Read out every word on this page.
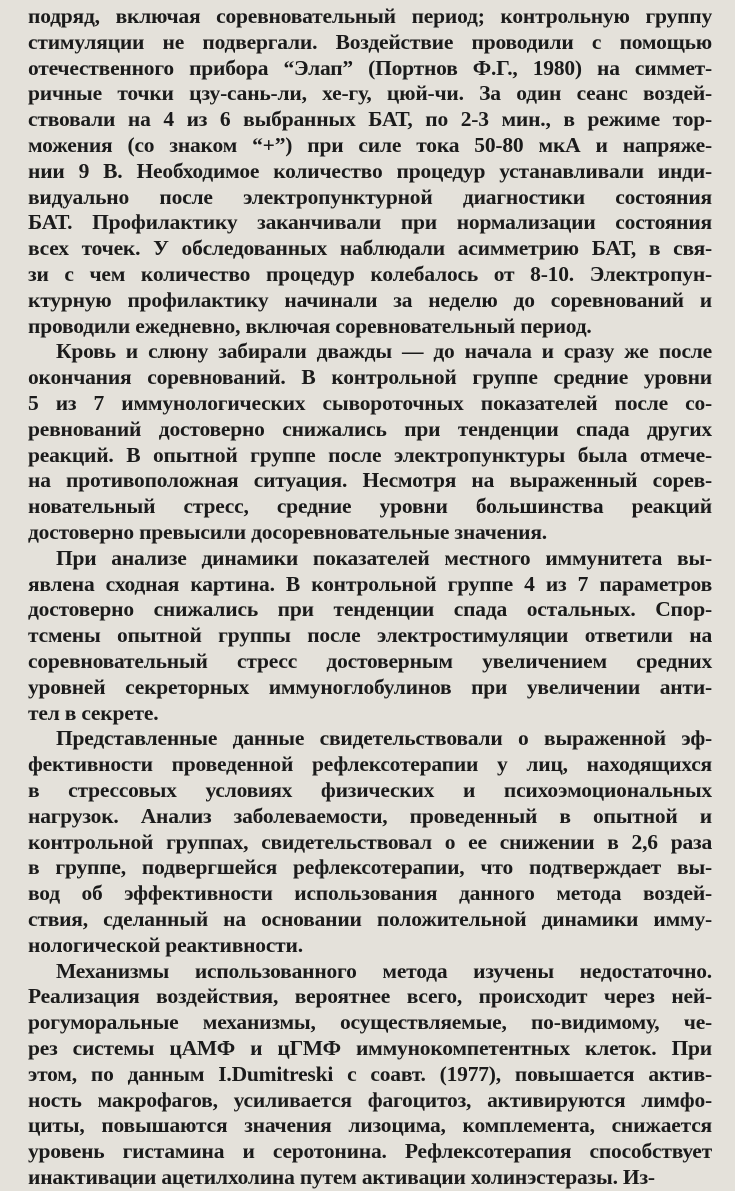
подряд, включая соревновательный период; контрольную группу
стимуляции не подвергали. Воздействие проводили с помощью
отечественного прибора “Элап” (Портнов Ф.Г., 1980) на симмет-
ричные точки цзу-сань-ли, хе-гу, цюй-чи. За один сеанс воздей-
ствовали на 4 из 6 выбранных БАТ, по 2-3 мин., в режиме тор-
можения (со знаком “+”) при силе тока 50-80 мкА и напряже-
нии 9 В. Необходимое количество процедур устанавливали инди-
видуально после электропунктурной диагностики состояния
БАТ. Профилактику заканчивали при нормализации состояния
всех точек. У обследованных наблюдали асимметрию БАТ, в свя-
зи с чем количество процедур колебалось от 8-10. Электропун-
ктурную профилактику начинали за неделю до соревнований и
проводили ежедневно, включая соревновательный период.
Кровь и слюну забирали дважды — до начала и сразу же после
окончания соревнований. В контрольной группе средние уровни
5 из 7 иммунологических сывороточных показателей после со-
ревнований достоверно снижались при тенденции спада других
реакций. В опытной группе после электропунктуры была отмече-
на противоположная ситуация. Несмотря на выраженный сорев-
новательный стресс, средние уровни большинства реакций
достоверно превысили досоревновательные значения.
При анализе динамики показателей местного иммунитета вы-
явлена сходная картина. В контрольной группе 4 из 7 параметров
достоверно снижались при тенденции спада остальных. Спор-
тсмены опытной группы после электростимуляции ответили на
соревновательный стресс достоверным увеличением средних
уровней секреторных иммуноглобулинов при увеличении анти-
тел в секрете.
Представленные данные свидетельствовали о выраженной эф-
фективности проведенной рефлексотерапии у лиц, находящихся
в стрессовых условиях физических и психоэмоциональных
нагрузок. Анализ заболеваемости, проведенный в опытной и
контрольной группах, свидетельствовал о ее снижении в 2,6 раза
в группе, подвергшейся рефлексотерапии, что подтверждает вы-
вод об эффективности использования данного метода воздей-
ствия, сделанный на основании положительной динамики имму-
нологической реактивности.
Механизмы использованного метода изучены недостаточно.
Реализация воздействия, вероятнее всего, происходит через ней-
рогуморальные механизмы, осуществляемые, по-видимому, че-
рез системы цАМФ и цГМФ иммунокомпетентных клеток. При
этом, по данным I.Dumitreski с соавт. (1977), повышается актив-
ность макрофагов, усиливается фагоцитоз, активируются лимфо-
циты, повышаются значения лизоцима, комплемента, снижается
уровень гистамина и серотонина. Рефлексотерапия способствует
инактивации ацетилхолина путем активации холинэстеразы. Из-
